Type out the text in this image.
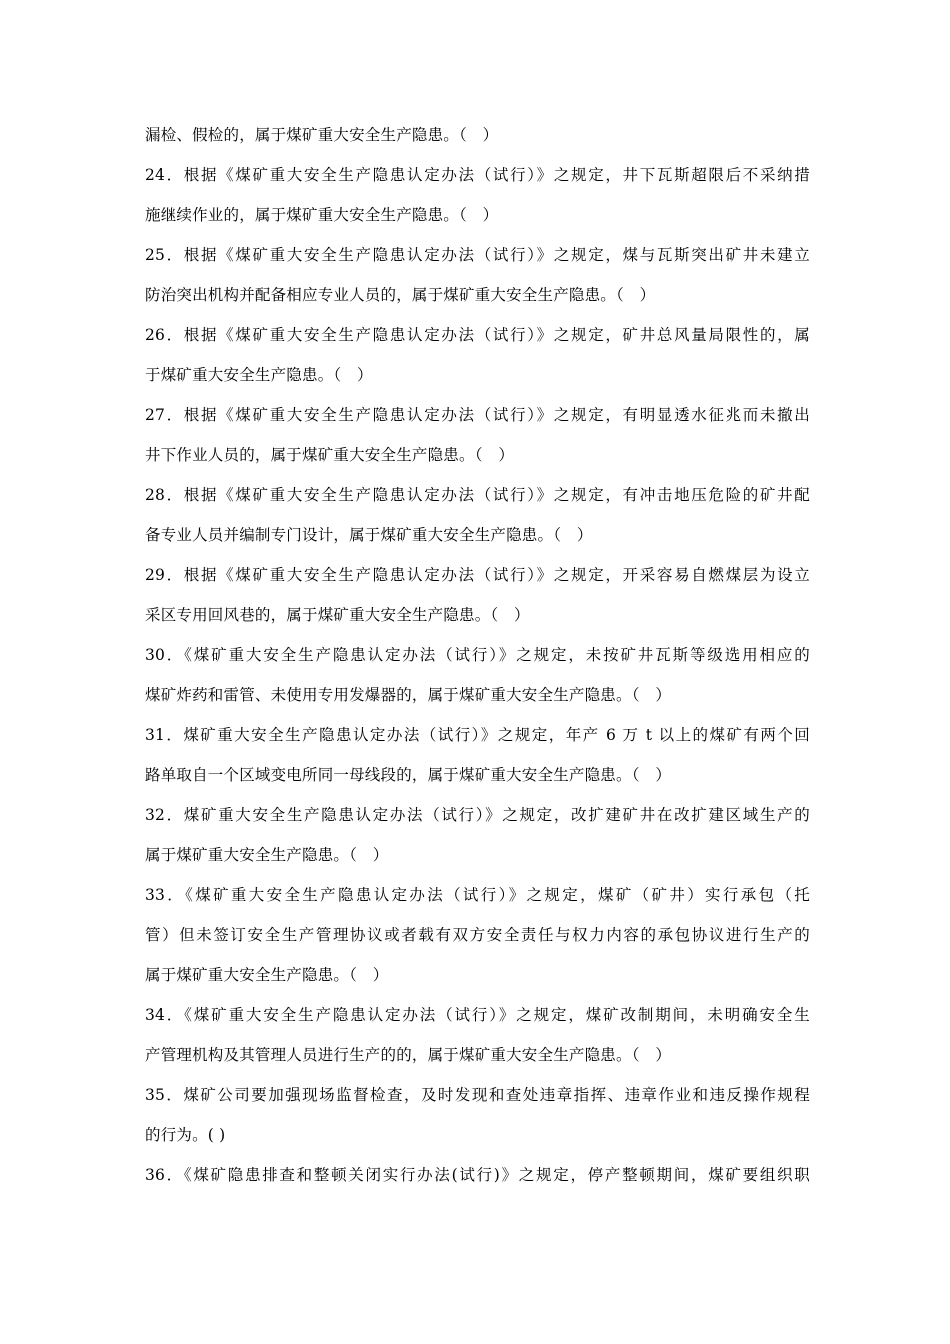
漏检、假检的，属于煤矿重大安全生产隐患。（　）
24．根据《煤矿重大安全生产隐患认定办法（试行）》之规定，井下瓦斯超限后不采纳措
施继续作业的，属于煤矿重大安全生产隐患。（　）
25．根据《煤矿重大安全生产隐患认定办法（试行）》之规定，煤与瓦斯突出矿井未建立
防治突出机构并配备相应专业人员的，属于煤矿重大安全生产隐患。（　）
26．根据《煤矿重大安全生产隐患认定办法（试行）》之规定，矿井总风量局限性的，属
于煤矿重大安全生产隐患。（　）
27．根据《煤矿重大安全生产隐患认定办法（试行）》之规定，有明显透水征兆而未撤出
井下作业人员的，属于煤矿重大安全生产隐患。（　）
28．根据《煤矿重大安全生产隐患认定办法（试行）》之规定，有冲击地压危险的矿井配
备专业人员并编制专门设计，属于煤矿重大安全生产隐患。（　）
29．根据《煤矿重大安全生产隐患认定办法（试行）》之规定，开采容易自燃煤层为设立
采区专用回风巷的，属于煤矿重大安全生产隐患。（　）
30．《煤矿重大安全生产隐患认定办法（试行）》之规定，未按矿井瓦斯等级选用相应的
煤矿炸药和雷管、未使用专用发爆器的，属于煤矿重大安全生产隐患。（　）
31．煤矿重大安全生产隐患认定办法（试行）》之规定，年产 6 万 t 以上的煤矿有两个回
路单取自一个区域变电所同一母线段的，属于煤矿重大安全生产隐患。（　）
32．煤矿重大安全生产隐患认定办法（试行）》之规定，改扩建矿井在改扩建区域生产的
属于煤矿重大安全生产隐患。（　）
33．《煤矿重大安全生产隐患认定办法（试行）》之规定，煤矿（矿井）实行承包（托
管）但未签订安全生产管理协议或者载有双方安全责任与权力内容的承包协议进行生产的
属于煤矿重大安全生产隐患。（　）
34．《煤矿重大安全生产隐患认定办法（试行）》之规定，煤矿改制期间，未明确安全生
产管理机构及其管理人员进行生产的的，属于煤矿重大安全生产隐患。（　）
35．煤矿公司要加强现场监督检查，及时发现和查处违章指挥、违章作业和违反操作规程
的行为。( )
36．《煤矿隐患排查和整顿关闭实行办法(试行)》之规定，停产整顿期间，煤矿要组织职
